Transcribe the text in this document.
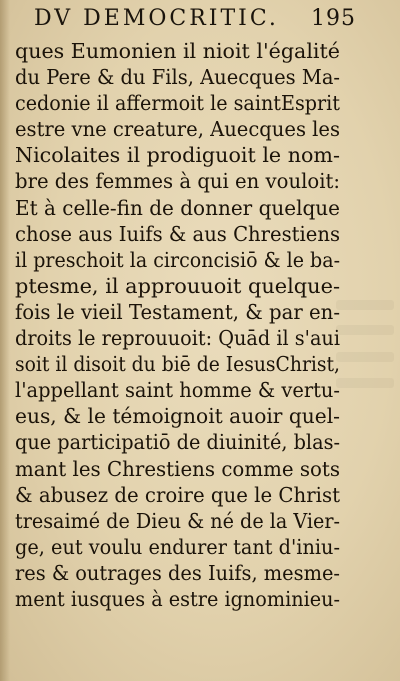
DV DEMOCRITIC. 195
ques Eumonien il nioit l'égalité
du Pere & du Fils, Auecques Ma-
cedonie il affermoit le saintEsprit
estre vne creature, Auecques les
Nicolaites il prodiguoit le nom-
bre des femmes à qui en vouloit:
Et à celle-fin de donner quelque
chose aus Iuifs & aus Chrestiens
il preschoit la circoncisiō & le ba-
ptesme, il approuuoit quelque-
fois le vieil Testament, & par en-
droits le reprouuoit: Quād il s'aui
soit il disoit du biē de IesusChrist,
l'appellant saint homme & vertu-
eus, & le témoignoit auoir quel-
que participatiō de diuinité, blas-
mant les Chrestiens comme sots
& abusez de croire que le Christ
tresaimé de Dieu & né de la Vier-
ge, eut voulu endurer tant d'iniu-
res & outrages des Iuifs, mesme-
ment iusques à estre ignominieu-
